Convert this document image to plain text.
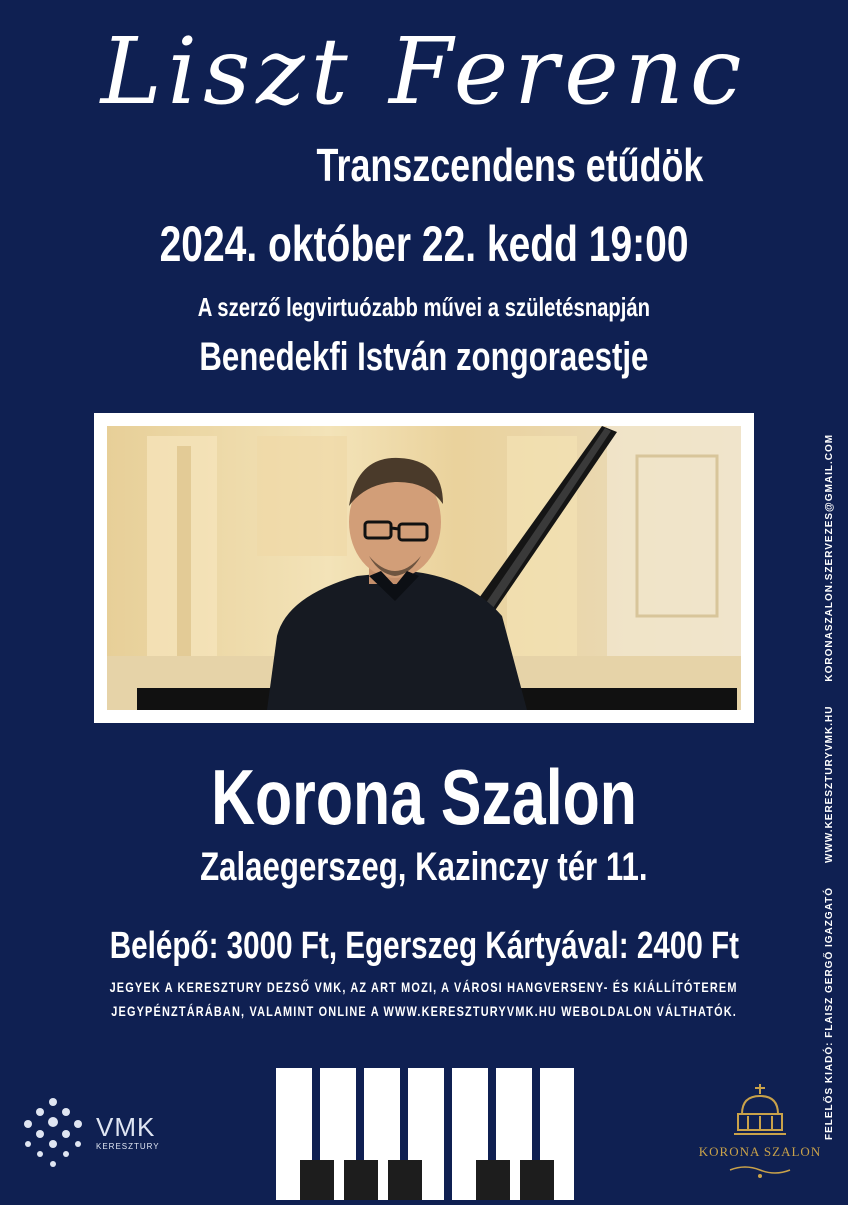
Liszt Ferenc
Transzcendens etűdök
2024. október 22. kedd 19:00
A szerző legvirtuózabb művei a születésnapján
Benedekfi István zongoraestje
Korona Szalon
Zalaegerszeg, Kazinczy tér 11.
Belépő: 3000 Ft, Egerszeg Kártyával: 2400 Ft
JEGYEK A KERESZTURY DEZSŐ VMK, AZ ART MOZI, A VÁROSI HANGVERSENY- ÉS KIÁLLÍTÓTEREM
JEGYPÉNZTÁRÁBAN, VALAMINT ONLINE A WWW.KERESZTURYVMK.HU WEBOLDALON VÁLTHATÓK.	FELELŐS KIADÓ: FLAISZ GERGŐ IGAZGATÓ
WWW.KERESZTURYVMK.HU
KORONASZALON.SZERVEZES@GMAIL.COM
VMK
KERESZTURY	KORONA SZALON
